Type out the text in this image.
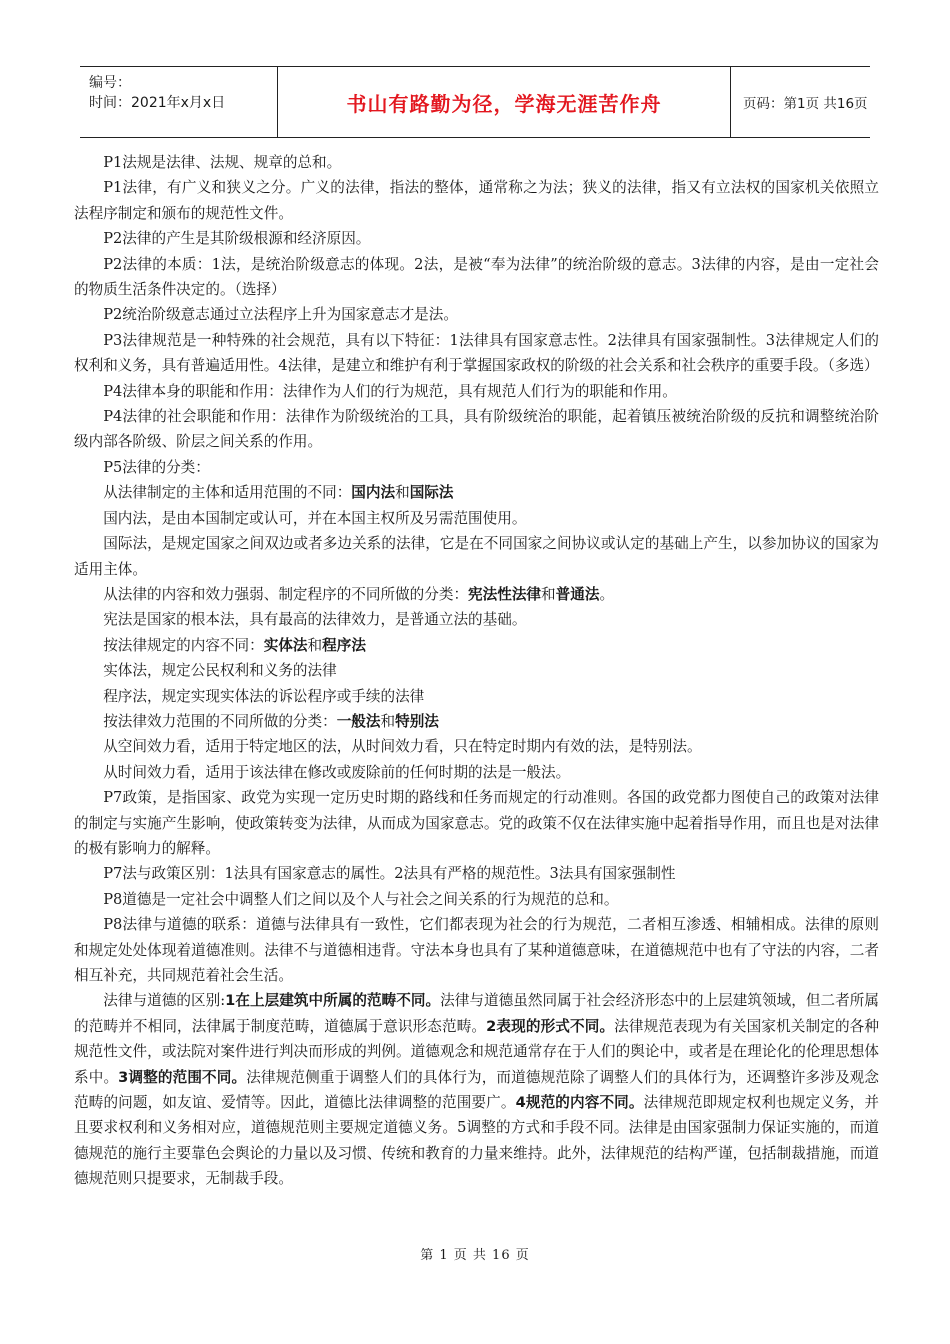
编号：
时间：2021年x月x日	书山有路勤为径，学海无涯苦作舟	页码：第1页 共16页

P1法规是法律、法规、规章的总和。

P1法律，有广义和狭义之分。广义的法律，指法的整体，通常称之为法；狭义的法律，指又有立法权的国家机关依照立法程序制定和颁布的规范性文件。

P2法律的产生是其阶级根源和经济原因。

P2法律的本质：1法，是统治阶级意志的体现。2法，是被“奉为法律”的统治阶级的意志。3法律的内容，是由一定社会的物质生活条件决定的。（选择）

P2统治阶级意志通过立法程序上升为国家意志才是法。

P3法律规范是一种特殊的社会规范，具有以下特征：1法律具有国家意志性。2法律具有国家强制性。3法律规定人们的权利和义务，具有普遍适用性。4法律，是建立和维护有利于掌握国家政权的阶级的社会关系和社会秩序的重要手段。（多选）

P4法律本身的职能和作用：法律作为人们的行为规范，具有规范人们行为的职能和作用。

P4法律的社会职能和作用：法律作为阶级统治的工具，具有阶级统治的职能，起着镇压被统治阶级的反抗和调整统治阶级内部各阶级、阶层之间关系的作用。

P5法律的分类：

从法律制定的主体和适用范围的不同：国内法和国际法

国内法，是由本国制定或认可，并在本国主权所及另需范围使用。

国际法，是规定国家之间双边或者多边关系的法律，它是在不同国家之间协议或认定的基础上产生，以参加协议的国家为适用主体。

从法律的内容和效力强弱、制定程序的不同所做的分类：宪法性法律和普通法。

宪法是国家的根本法，具有最高的法律效力，是普通立法的基础。

按法律规定的内容不同：实体法和程序法

实体法，规定公民权利和义务的法律

程序法，规定实现实体法的诉讼程序或手续的法律

按法律效力范围的不同所做的分类：一般法和特别法

从空间效力看，适用于特定地区的法，从时间效力看，只在特定时期内有效的法，是特别法。

从时间效力看，适用于该法律在修改或废除前的任何时期的法是一般法。

P7政策，是指国家、政党为实现一定历史时期的路线和任务而规定的行动准则。各国的政党都力图使自己的政策对法律的制定与实施产生影响，使政策转变为法律，从而成为国家意志。党的政策不仅在法律实施中起着指导作用，而且也是对法律的极有影响力的解释。

P7法与政策区别：1法具有国家意志的属性。2法具有严格的规范性。3法具有国家强制性

P8道德是一定社会中调整人们之间以及个人与社会之间关系的行为规范的总和。

P8法律与道德的联系：道德与法律具有一致性，它们都表现为社会的行为规范，二者相互渗透、相辅相成。法律的原则和规定处处体现着道德准则。法律不与道德相违背。守法本身也具有了某种道德意味，在道德规范中也有了守法的内容，二者相互补充，共同规范着社会生活。

法律与道德的区别:1在上层建筑中所属的范畴不同。法律与道德虽然同属于社会经济形态中的上层建筑领域，但二者所属的范畴并不相同，法律属于制度范畴，道德属于意识形态范畴。2表现的形式不同。法律规范表现为有关国家机关制定的各种规范性文件，或法院对案件进行判决而形成的判例。道德观念和规范通常存在于人们的舆论中，或者是在理论化的伦理思想体系中。3调整的范围不同。法律规范侧重于调整人们的具体行为，而道德规范除了调整人们的具体行为，还调整许多涉及观念范畴的问题，如友谊、爱情等。因此，道德比法律调整的范围要广。4规范的内容不同。法律规范即规定权利也规定义务，并且要求权利和义务相对应，道德规范则主要规定道德义务。5调整的方式和手段不同。法律是由国家强制力保证实施的，而道德规范的施行主要靠色会舆论的力量以及习惯、传统和教育的力量来维持。此外，法律规范的结构严谨，包括制裁措施，而道德规范则只提要求，无制裁手段。

第 1 页 共 16 页
